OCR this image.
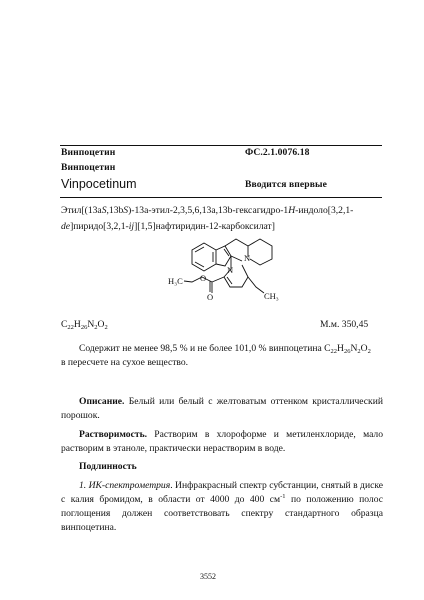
Винпоцетин	ФС.2.1.0076.18
Винпоцетин
Vinpocetinum	Вводится впервые
Этил[(13aS,13bS)-13a-этил-2,3,5,6,13a,13b-гексагидро-1H-индоло[3,2,1-
de]пиридо[3,2,1-ij][1,5]нафтиридин-12-карбоксилат]
N
N
O
O
H₃C
CH₃
$C_{22}H_{26}N_2O_2$	М.м. 350,45
Содержит не менее 98,5 % и не более 101,0 % винпоцетина $C_{22}H_{26}N_2O_2$
в пересчете на сухое вещество.
Описание. Белый или белый с желтоватым оттенком кристаллический порошок.
Растворимость. Растворим в хлороформе и метиленхлориде, мало растворим в этаноле, практически нерастворим в воде.
Подлинность
1. ИК-спектрометрия. Инфракрасный спектр субстанции, снятый в диске с калия бромидом, в области от 4000 до 400 $см^{-1}$ по положению полос поглощения должен соответствовать спектру стандартного образца винпоцетина.
3552
